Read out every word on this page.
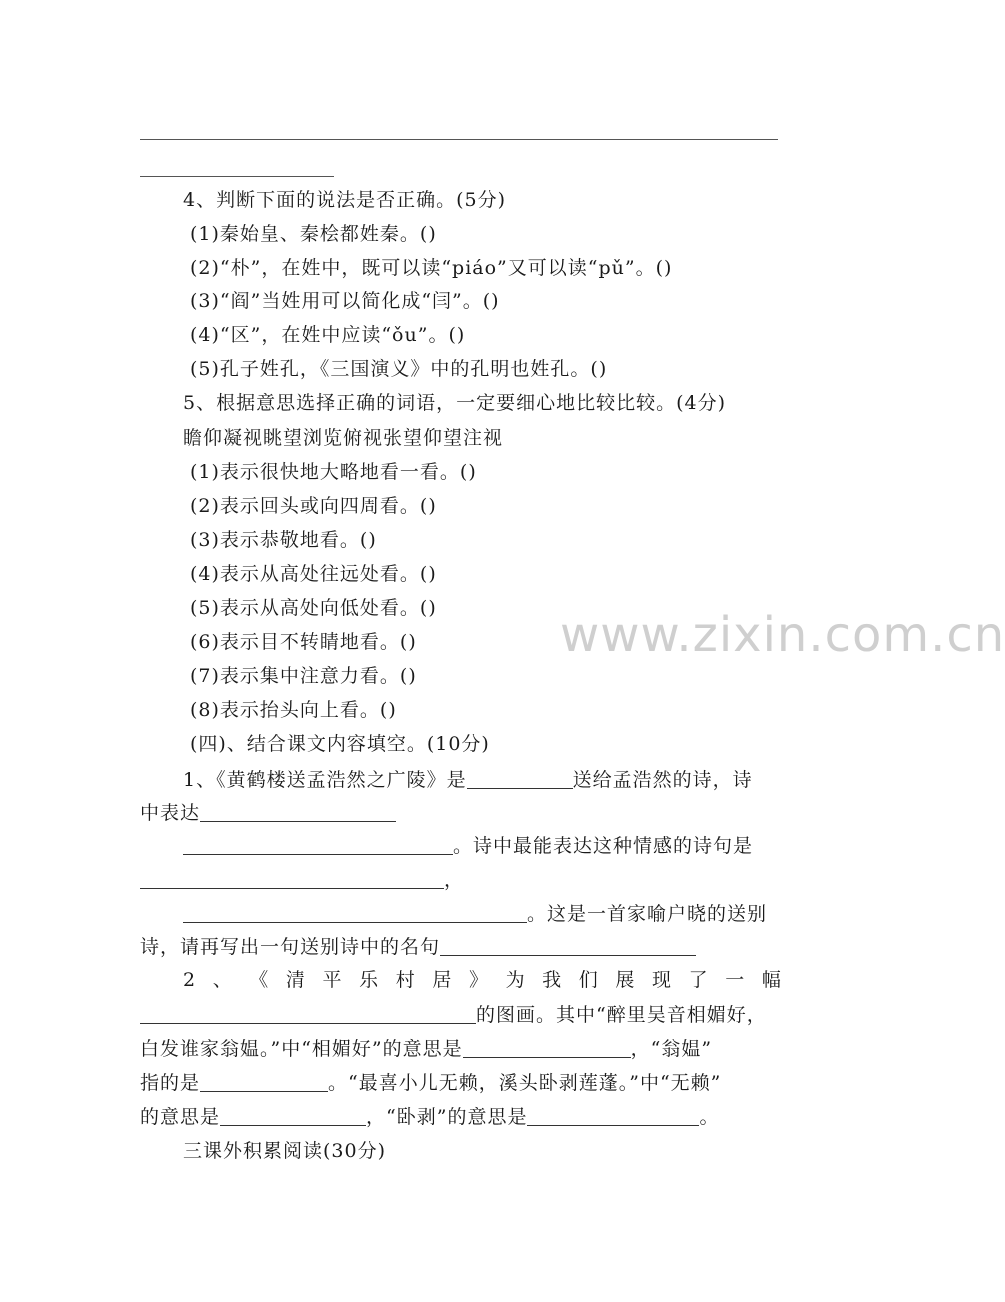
4、判断下面的说法是否正确。(5分)
(1)秦始皇、秦桧都姓秦。()
(2)“朴”，在姓中，既可以读“piáo”又可以读“pǔ”。()
(3)“阎”当姓用可以简化成“闫”。()
(4)“区”，在姓中应读“ǒu”。()
(5)孔子姓孔，《三国演义》中的孔明也姓孔。()
5、根据意思选择正确的词语，一定要细心地比较比较。(4分)
瞻仰凝视眺望浏览俯视张望仰望注视
(1)表示很快地大略地看一看。()
(2)表示回头或向四周看。()
(3)表示恭敬地看。()
(4)表示从高处往远处看。()
(5)表示从高处向低处看。()
(6)表示目不转睛地看。()
(7)表示集中注意力看。()
(8)表示抬头向上看。()
(四)、结合课文内容填空。(10分)
1、《黄鹤楼送孟浩然之广陵》是	送给孟浩然的诗，诗
中表达
。诗中最能表达这种情感的诗句是
，
。这是一首家喻户晓的送别
诗，请再写出一句送别诗中的名句
2 、 《 清 平 乐 村 居 》 为 我 们 展 现 了 一 幅
的图画。其中“醉里吴音相媚好，
白发谁家翁媪。”中“相媚好”的意思是	，“翁媪”
指的是	。“最喜小儿无赖，溪头卧剥莲蓬。”中“无赖”
的意思是	，“卧剥”的意思是	。
三课外积累阅读(30分)
www.zixin.com.cn
